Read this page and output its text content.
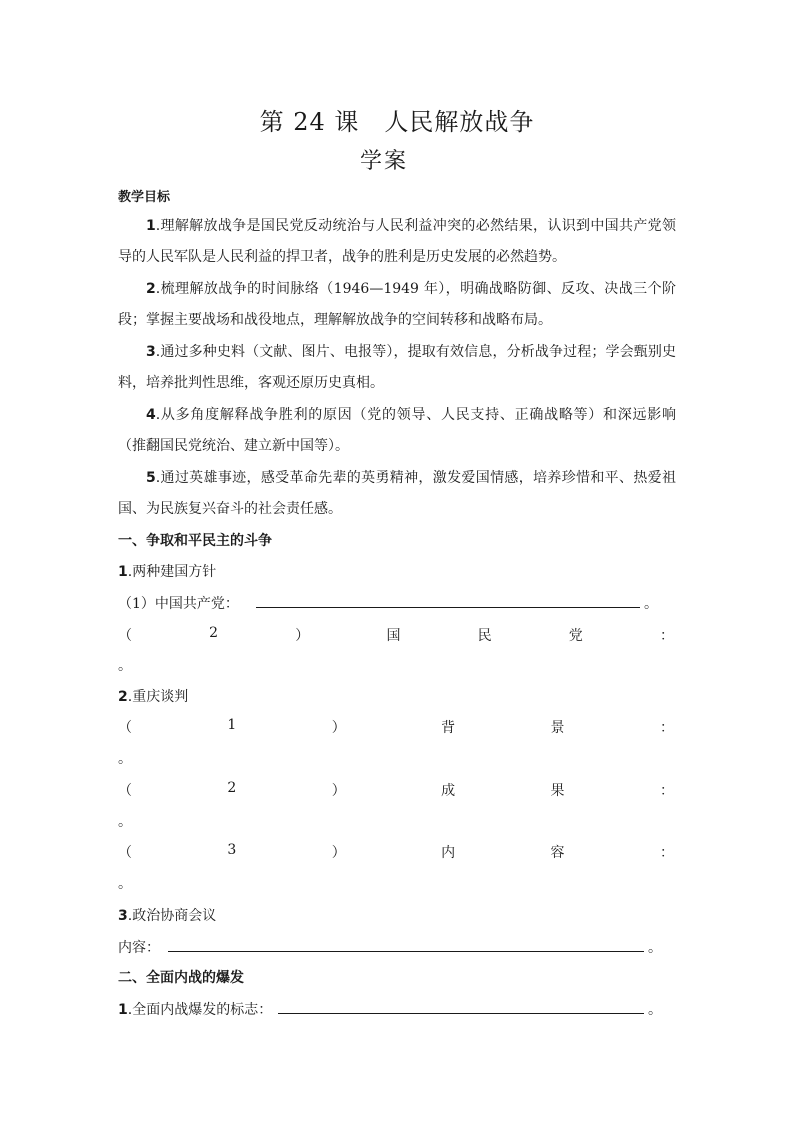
第 24 课　人民解放战争
学案
教学目标
1.理解解放战争是国民党反动统治与人民利益冲突的必然结果，认识到中国共产党领导的人民军队是人民利益的捍卫者，战争的胜利是历史发展的必然趋势。
2.梳理解放战争的时间脉络（1946—1949 年），明确战略防御、反攻、决战三个阶段；掌握主要战场和战役地点，理解解放战争的空间转移和战略布局。
3.通过多种史料（文献、图片、电报等），提取有效信息，分析战争过程；学会甄别史料，培养批判性思维，客观还原历史真相。
4.从多角度解释战争胜利的原因（党的领导、人民支持、正确战略等）和深远影响（推翻国民党统治、建立新中国等）。
5.通过英雄事迹，感受革命先辈的英勇精神，激发爱国情感，培养珍惜和平、热爱祖国、为民族复兴奋斗的社会责任感。
一、争取和平民主的斗争
1.两种建国方针
（1）中国共产党：	。
（	2	）	国	民	党	：
。
2.重庆谈判
（	1	）	背	景	：
。
（	2	）	成	果	：
。
（	3	）	内	容	：
。
3.政治协商会议
内容：	。
二、全面内战的爆发
1.全面内战爆发的标志：	。
